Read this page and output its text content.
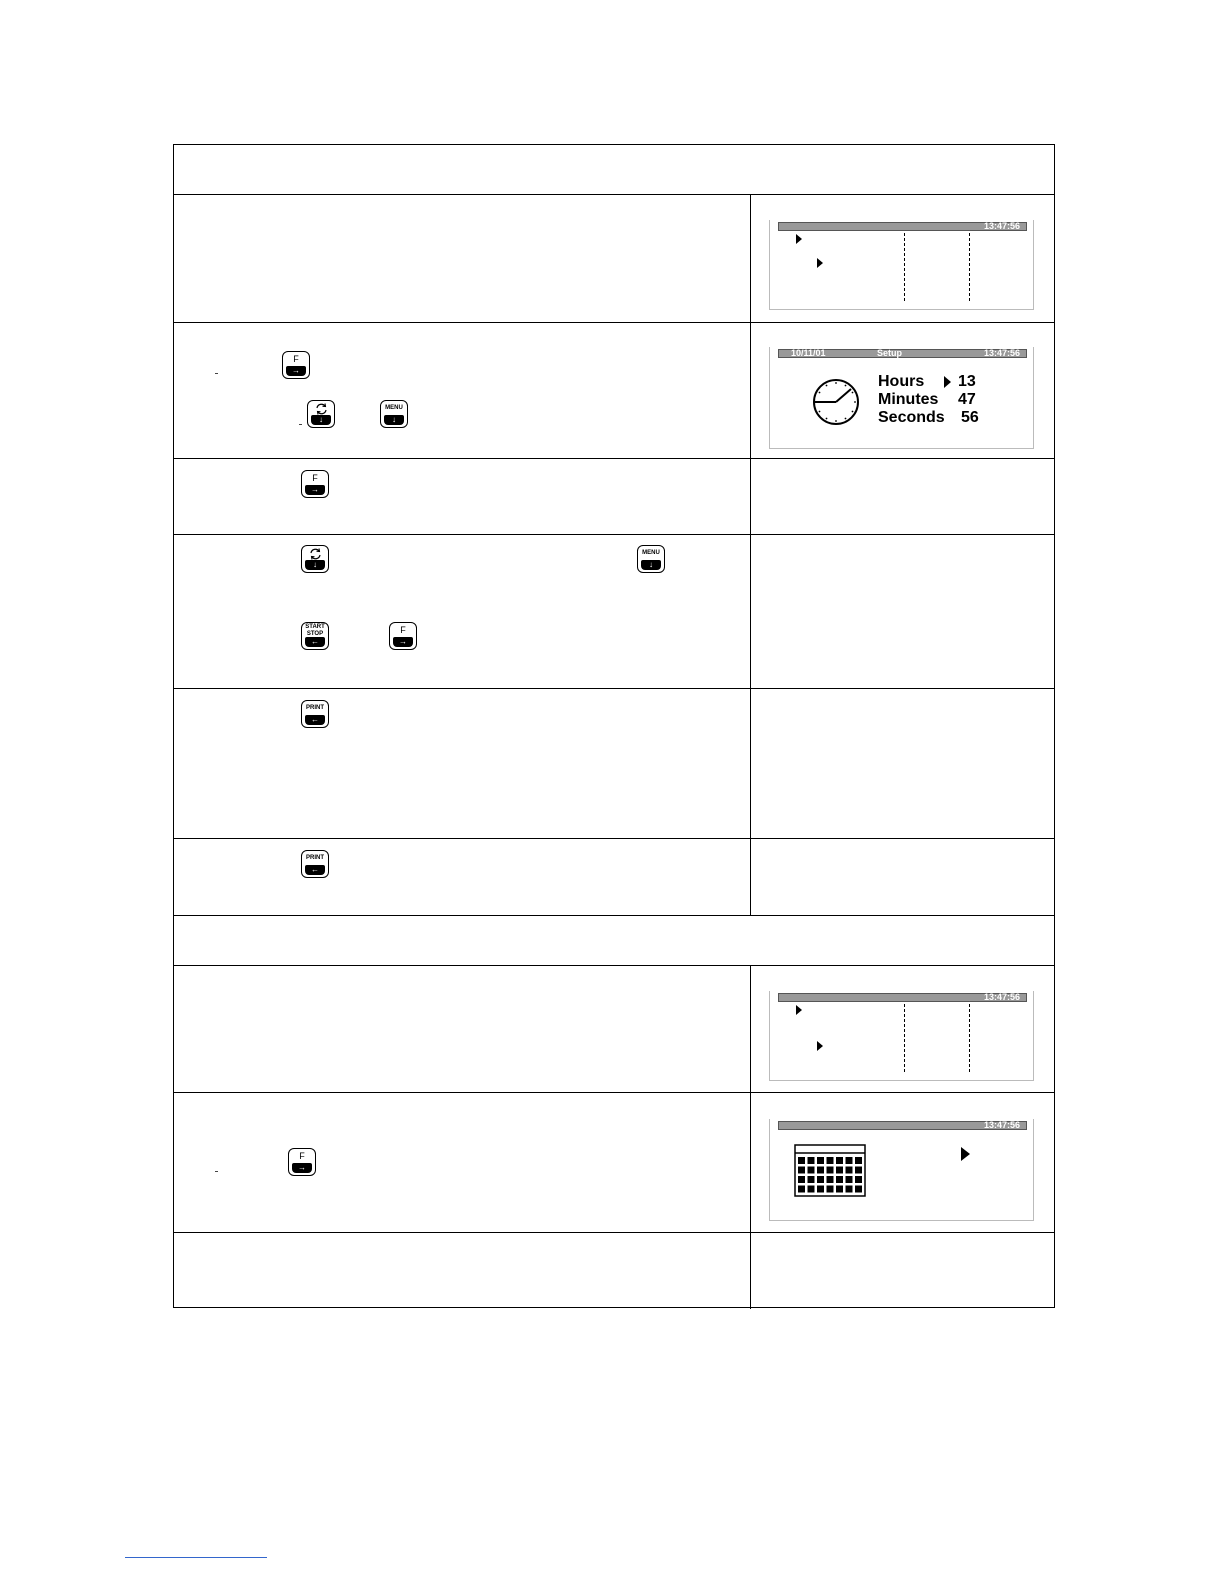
13:47:56
F
→
↓
MENU
↓
10/11/01	Setup	13:47:56
Hours 13
Minutes 47
Seconds 56
F
→
↓
MENU
↓
START
STOP
←
F
→
PRINT
←
PRINT
←
13:47:56
F
→
13:47:56
